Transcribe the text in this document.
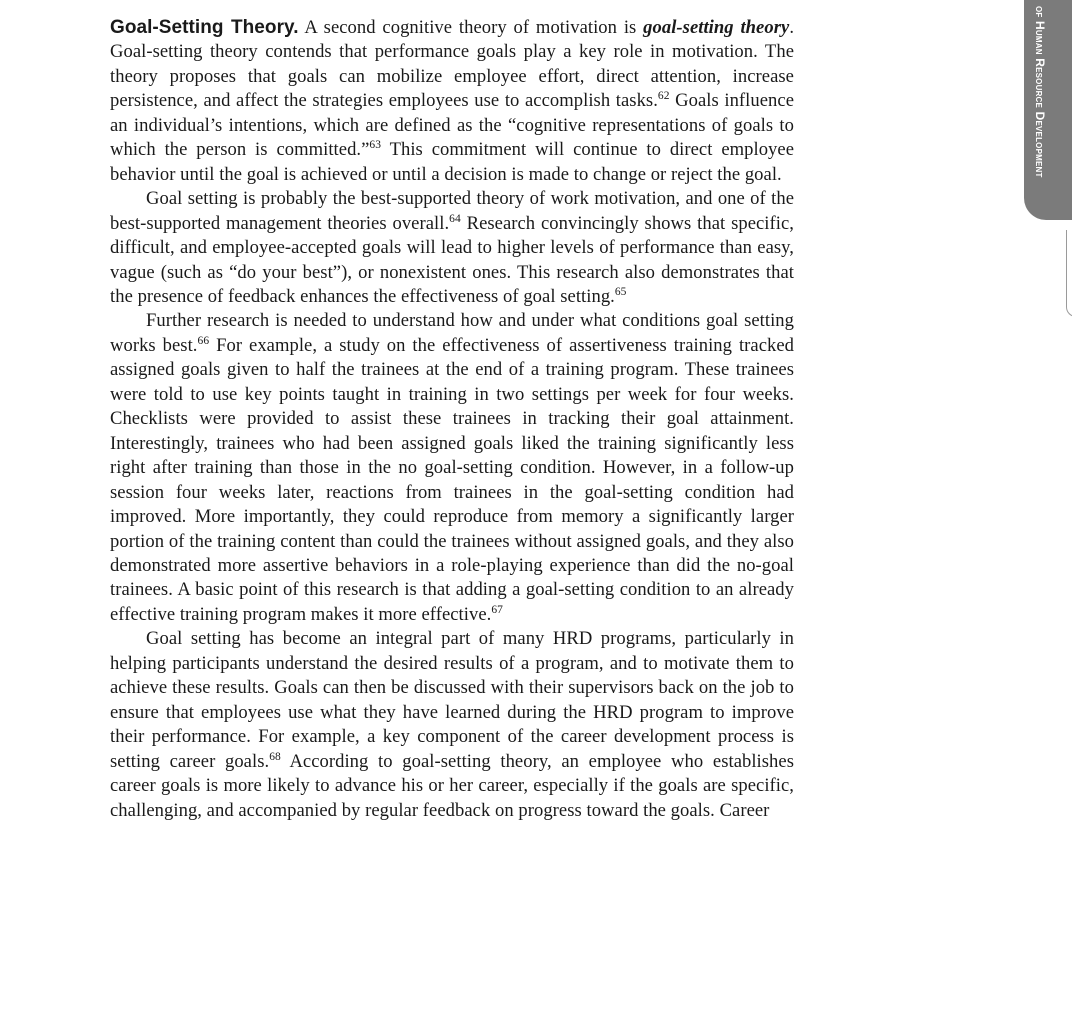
of Human Resource Development

Goal-Setting Theory. A second cognitive theory of motivation is goal-setting theory. Goal-setting theory contends that performance goals play a key role in motivation. The theory proposes that goals can mobilize employee effort, direct attention, increase persistence, and affect the strategies employees use to accomplish tasks.$^{62}$ Goals influence an individual’s intentions, which are defined as the “cognitive representations of goals to which the person is committed.”$^{63}$ This commitment will continue to direct employee behavior until the goal is achieved or until a decision is made to change or reject the goal.

Goal setting is probably the best-supported theory of work motivation, and one of the best-supported management theories overall.$^{64}$ Research convincingly shows that specific, difficult, and employee-accepted goals will lead to higher levels of performance than easy, vague (such as “do your best”), or nonexistent ones. This research also demonstrates that the presence of feedback enhances the effectiveness of goal setting.$^{65}$

Further research is needed to understand how and under what conditions goal setting works best.$^{66}$ For example, a study on the effectiveness of assertiveness training tracked assigned goals given to half the trainees at the end of a training program. These trainees were told to use key points taught in training in two settings per week for four weeks. Checklists were provided to assist these trainees in tracking their goal attainment. Interestingly, trainees who had been assigned goals liked the training significantly less right after training than those in the no goal-setting condition. However, in a follow-up session four weeks later, reactions from trainees in the goal-setting condition had improved. More importantly, they could reproduce from memory a significantly larger portion of the training content than could the trainees without assigned goals, and they also demonstrated more assertive behaviors in a role-playing experience than did the no-goal trainees. A basic point of this research is that adding a goal-setting condition to an already effective training program makes it more effective.$^{67}$

Goal setting has become an integral part of many HRD programs, particularly in helping participants understand the desired results of a program, and to motivate them to achieve these results. Goals can then be discussed with their supervisors back on the job to ensure that employees use what they have learned during the HRD program to improve their performance. For example, a key component of the career development process is setting career goals.$^{68}$ According to goal-setting theory, an employee who establishes career goals is more likely to advance his or her career, especially if the goals are specific, challenging, and accompanied by regular feedback on progress toward the goals. Career
